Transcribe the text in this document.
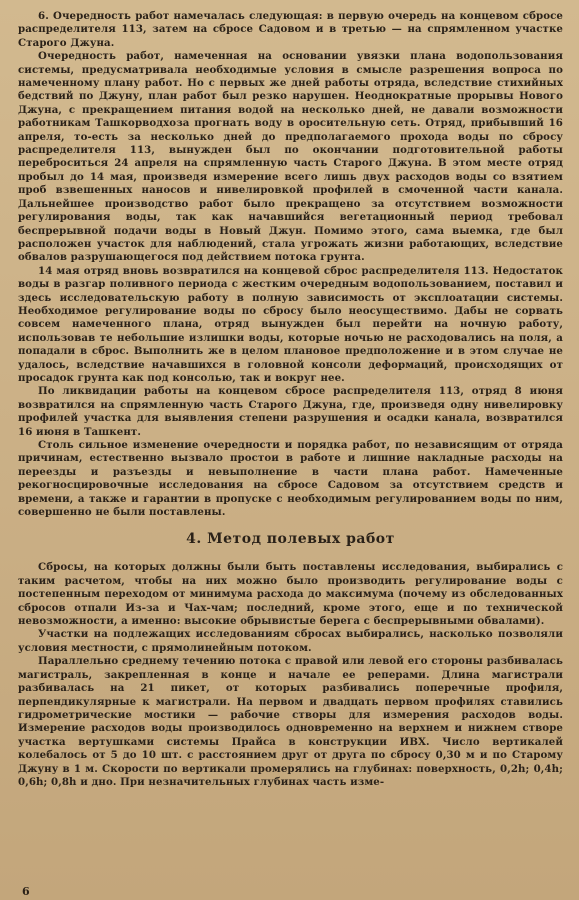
6. Очередность работ намечалась следующая: в первую очередь на концевом сбросе распределителя 113, затем на сбросе Садовом и в третью — на спрямленном участке Старого Джуна.

Очередность работ, намеченная на основании увязки плана водопользования системы, предусматривала необходимые условия в смысле разрешения вопроса по намеченному плану работ. Но с первых же дней работы отряда, вследствие стихийных бедствий по Джуну, план работ был резко нарушен. Неоднократные прорывы Нового Джуна, с прекращением питания водой на несколько дней, не давали возможности работникам Ташкорводхоза прогнать воду в оросительную сеть. Отряд, прибывший 16 апреля, то-есть за несколько дней до предполагаемого прохода воды по сбросу распределителя 113, вынужден был по окончании подготовительной работы переброситься 24 апреля на спрямленную часть Старого Джуна. В этом месте отряд пробыл до 14 мая, произведя измерение всего лишь двух расходов воды со взятием проб взвешенных наносов и нивелировкой профилей в смоченной части канала. Дальнейшее производство работ было прекращено за отсутствием возможности регулирования воды, так как начавшийся вегетационный период требовал беспрерывной подачи воды в Новый Джун. Помимо этого, сама выемка, где был расположен участок для наблюдений, стала угрожать жизни работающих, вследствие обвалов разрушающегося под действием потока грунта.

14 мая отряд вновь возвратился на концевой сброс распределителя 113. Недостаток воды в разгар поливного периода с жестким очередным водопользованием, поставил и здесь исследовательскую работу в полную зависимость от эксплоатации системы. Необходимое регулирование воды по сбросу было неосуществимо. Дабы не сорвать совсем намеченного плана, отряд вынужден был перейти на ночную работу, использовав те небольшие излишки воды, которые ночью не расходовались на поля, а попадали в сброс. Выполнить же в целом плановое предположение и в этом случае не удалось, вследствие начавшихся в головной консоли деформаций, происходящих от просадок грунта как под консолью, так и вокруг нее.

По ликвидации работы на концевом сбросе распределителя 113, отряд 8 июня возвратился на спрямленную часть Старого Джуна, где, произведя одну нивелировку профилей участка для выявления степени разрушения и осадки канала, возвратился 16 июня в Ташкент.

Столь сильное изменение очередности и порядка работ, по независящим от отряда причинам, естественно вызвало простои в работе и лишние накладные расходы на переезды и разъезды и невыполнение в части плана работ. Намеченные рекогносцировочные исследования на сбросе Садовом за отсутствием средств и времени, а также и гарантии в пропуске с необходимым регулированием воды по ним, совершенно не были поставлены.

4. Метод полевых работ

Сбросы, на которых должны были быть поставлены исследования, выбирались с таким расчетом, чтобы на них можно было производить регулирование воды с постепенным переходом от минимума расхода до максимума (почему из обследованных сбросов отпали Из-за и Чах-чам; последний, кроме этого, еще и по технической невозможности, а именно: высокие обрывистые берега с беспрерывными обвалами).

Участки на подлежащих исследованиям сбросах выбирались, насколько позволяли условия местности, с прямолинейным потоком.

Параллельно среднему течению потока с правой или левой его стороны разбивалась магистраль, закрепленная в конце и начале ее реперами. Длина магистрали разбивалась на 21 пикет, от которых разбивались поперечные профиля, перпендикулярные к магистрали. На первом и двадцать первом профилях ставились гидрометрические мостики — рабочие створы для измерения расходов воды. Измерение расходов воды производилось одновременно на верхнем и нижнем створе участка вертушками системы Прайса в конструкции ИВХ. Число вертикалей колебалось от 5 до 10 шт. с расстоянием друг от друга по сбросу 0,30 м и по Старому Джуну в 1 м. Скорости по вертикали промерялись на глубинах: поверхность, 0,2h; 0,4h; 0,6h; 0,8h и дно. При незначительных глубинах часть изме-

6
